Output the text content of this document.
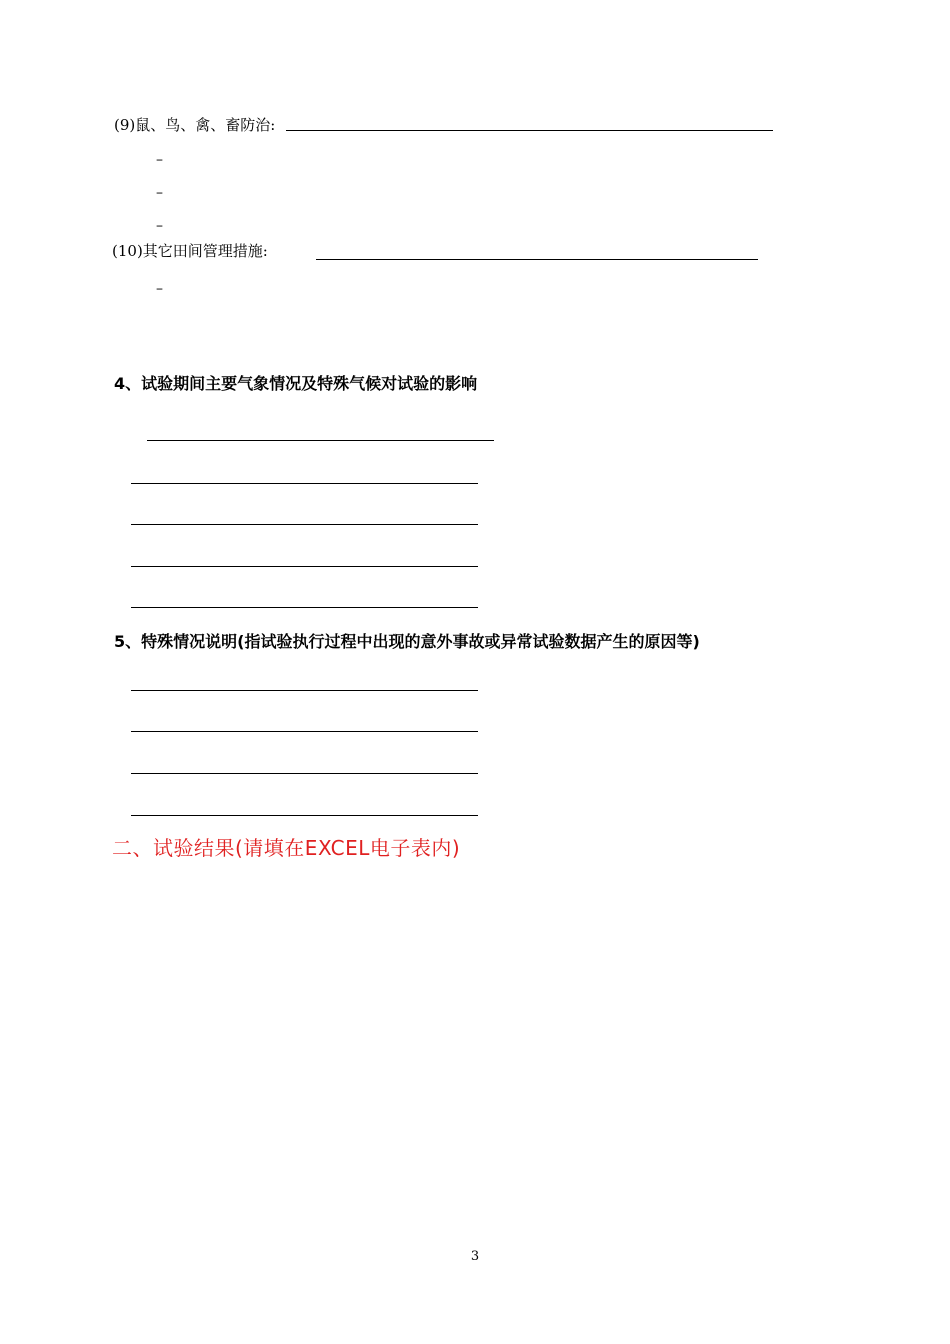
(9)鼠、鸟、禽、畜防治:
–
–
–
(10)其它田间管理措施:
–
4、试验期间主要气象情况及特殊气候对试验的影响
5、特殊情况说明(指试验执行过程中出现的意外事故或异常试验数据产生的原因等)
二、试验结果(请填在EXCEL电子表内)
3
